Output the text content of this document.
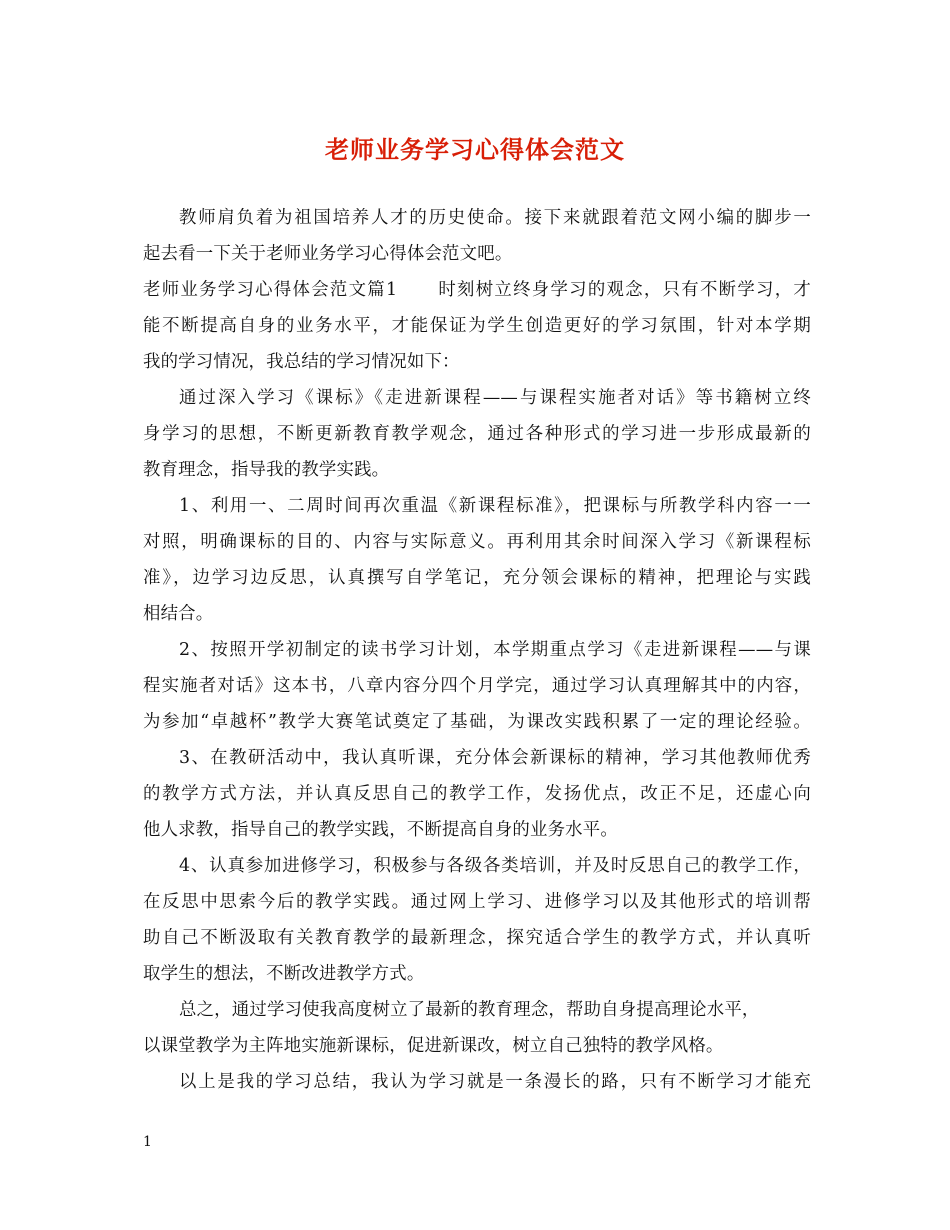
老师业务学习心得体会范文
教师肩负着为祖国培养人才的历史使命。接下来就跟着范文网小编的脚步一
起去看一下关于老师业务学习心得体会范文吧。
老师业务学习心得体会范文篇1 时刻树立终身学习的观念，只有不断学习，才
能不断提高自身的业务水平，才能保证为学生创造更好的学习氛围，针对本学期
我的学习情况，我总结的学习情况如下：
通过深入学习《课标》《走进新课程——与课程实施者对话》等书籍树立终
身学习的思想，不断更新教育教学观念，通过各种形式的学习进一步形成最新的
教育理念，指导我的教学实践。
1、利用一、二周时间再次重温《新课程标准》，把课标与所教学科内容一一
对照，明确课标的目的、内容与实际意义。再利用其余时间深入学习《新课程标
准》，边学习边反思，认真撰写自学笔记，充分领会课标的精神，把理论与实践
相结合。
2、按照开学初制定的读书学习计划，本学期重点学习《走进新课程——与课
程实施者对话》这本书，八章内容分四个月学完，通过学习认真理解其中的内容，
为参加“卓越杯”教学大赛笔试奠定了基础，为课改实践积累了一定的理论经验。
3、在教研活动中，我认真听课，充分体会新课标的精神，学习其他教师优秀
的教学方式方法，并认真反思自己的教学工作，发扬优点，改正不足，还虚心向
他人求教，指导自己的教学实践，不断提高自身的业务水平。
4、认真参加进修学习，积极参与各级各类培训，并及时反思自己的教学工作，
在反思中思索今后的教学实践。通过网上学习、进修学习以及其他形式的培训帮
助自己不断汲取有关教育教学的最新理念，探究适合学生的教学方式，并认真听
取学生的想法，不断改进教学方式。
总之，通过学习使我高度树立了最新的教育理念，帮助自身提高理论水平，
以课堂教学为主阵地实施新课标，促进新课改，树立自己独特的教学风格。
以上是我的学习总结，我认为学习就是一条漫长的路，只有不断学习才能充
1
